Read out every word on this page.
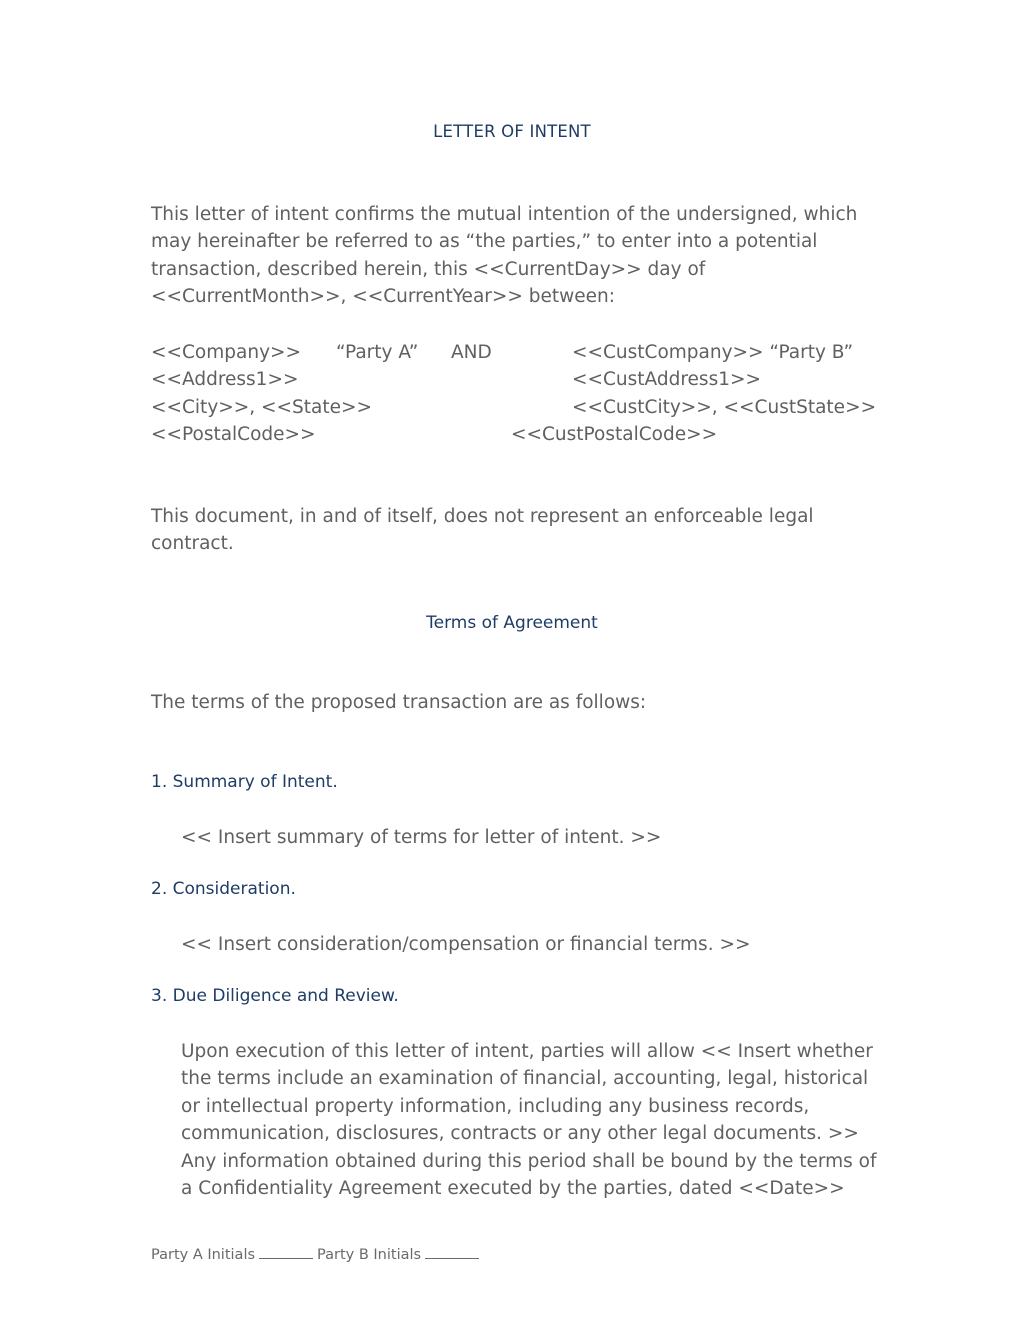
LETTER OF INTENT
This letter of intent confirms the mutual intention of the undersigned, which may hereinafter be referred to as “the parties,” to enter into a potential transaction, described herein, this <<CurrentDay>> day of <<CurrentMonth>>, <<CurrentYear>> between:
<<Company>> “Party A” AND	<<CustCompany>> “Party B”
<<Address1>>	<<CustAddress1>>
<<City>>, <<State>>	<<CustCity>>, <<CustState>>
<<PostalCode>>	<<CustPostalCode>>
This document, in and of itself, does not represent an enforceable legal contract.
Terms of Agreement
The terms of the proposed transaction are as follows:
1. Summary of Intent.
<< Insert summary of terms for letter of intent. >>
2. Consideration.
<< Insert consideration/compensation or financial terms. >>
3. Due Diligence and Review.
Upon execution of this letter of intent, parties will allow << Insert whether the terms include an examination of financial, accounting, legal, historical or intellectual property information, including any business records, communication, disclosures, contracts or any other legal documents. >> Any information obtained during this period shall be bound by the terms of a Confidentiality Agreement executed by the parties, dated <<Date>>
Party A Initials	Party B Initials
